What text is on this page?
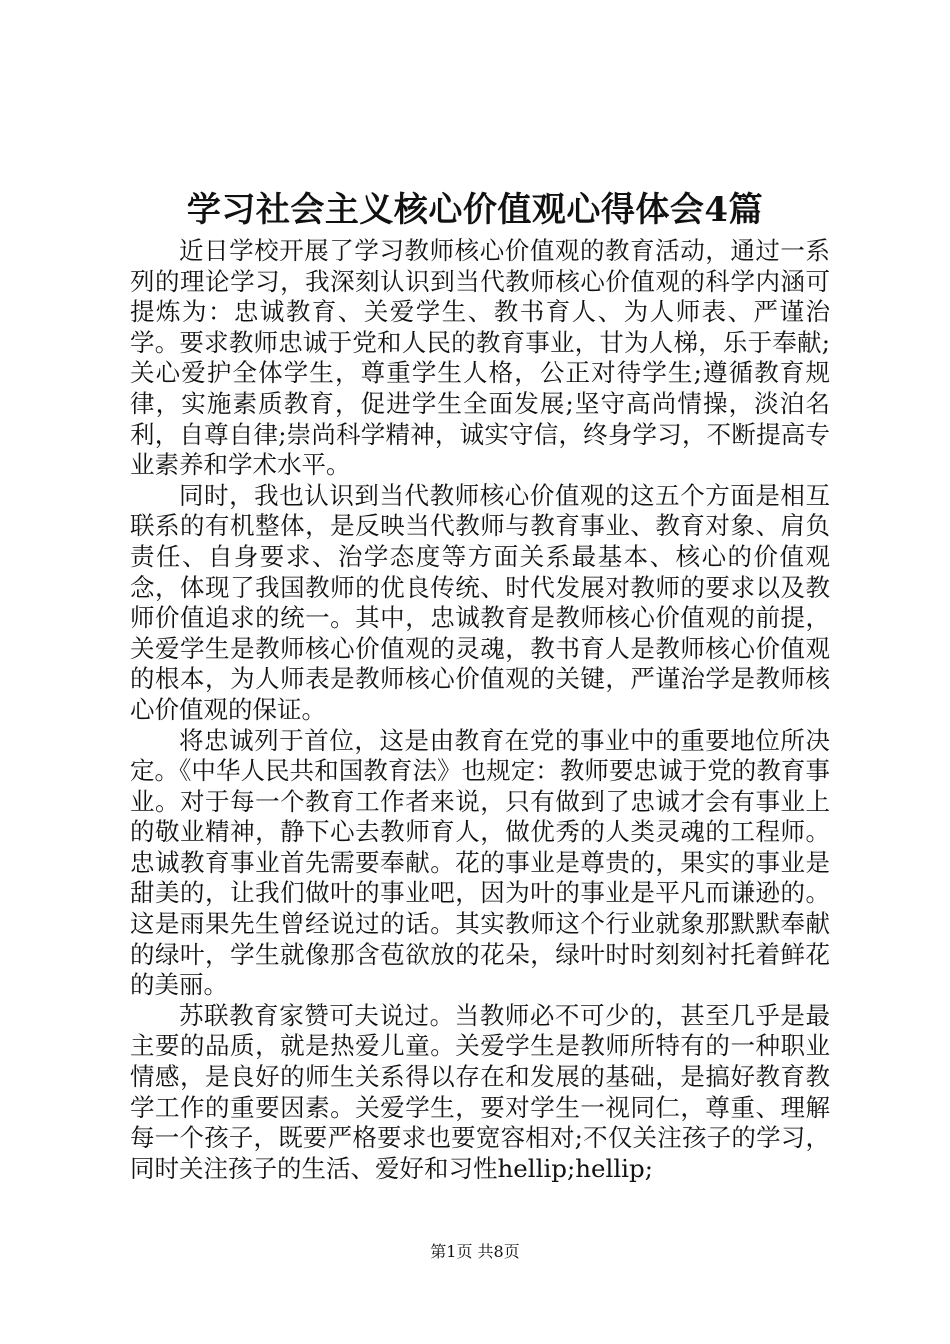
学习社会主义核心价值观心得体会4篇

近日学校开展了学习教师核心价值观的教育活动，通过一系列的理论学习，我深刻认识到当代教师核心价值观的科学内涵可提炼为：忠诚教育、关爱学生、教书育人、为人师表、严谨治学。要求教师忠诚于党和人民的教育事业，甘为人梯，乐于奉献;关心爱护全体学生，尊重学生人格，公正对待学生;遵循教育规律，实施素质教育，促进学生全面发展;坚守高尚情操，淡泊名利，自尊自律;崇尚科学精神，诚实守信，终身学习，不断提高专业素养和学术水平。

同时，我也认识到当代教师核心价值观的这五个方面是相互联系的有机整体，是反映当代教师与教育事业、教育对象、肩负责任、自身要求、治学态度等方面关系最基本、核心的价值观念，体现了我国教师的优良传统、时代发展对教师的要求以及教师价值追求的统一。其中，忠诚教育是教师核心价值观的前提，关爱学生是教师核心价值观的灵魂，教书育人是教师核心价值观的根本，为人师表是教师核心价值观的关键，严谨治学是教师核心价值观的保证。

将忠诚列于首位，这是由教育在党的事业中的重要地位所决定。《中华人民共和国教育法》也规定：教师要忠诚于党的教育事业。对于每一个教育工作者来说，只有做到了忠诚才会有事业上的敬业精神，静下心去教师育人，做优秀的人类灵魂的工程师。忠诚教育事业首先需要奉献。花的事业是尊贵的，果实的事业是甜美的，让我们做叶的事业吧，因为叶的事业是平凡而谦逊的。这是雨果先生曾经说过的话。其实教师这个行业就象那默默奉献的绿叶，学生就像那含苞欲放的花朵，绿叶时时刻刻衬托着鲜花的美丽。

苏联教育家赞可夫说过。当教师必不可少的，甚至几乎是最主要的品质，就是热爱儿童。关爱学生是教师所特有的一种职业情感，是良好的师生关系得以存在和发展的基础，是搞好教育教学工作的重要因素。关爱学生，要对学生一视同仁，尊重、理解每一个孩子，既要严格要求也要宽容相对;不仅关注孩子的学习，同时关注孩子的生活、爱好和习性hellip;hellip;

第1页 共8页
